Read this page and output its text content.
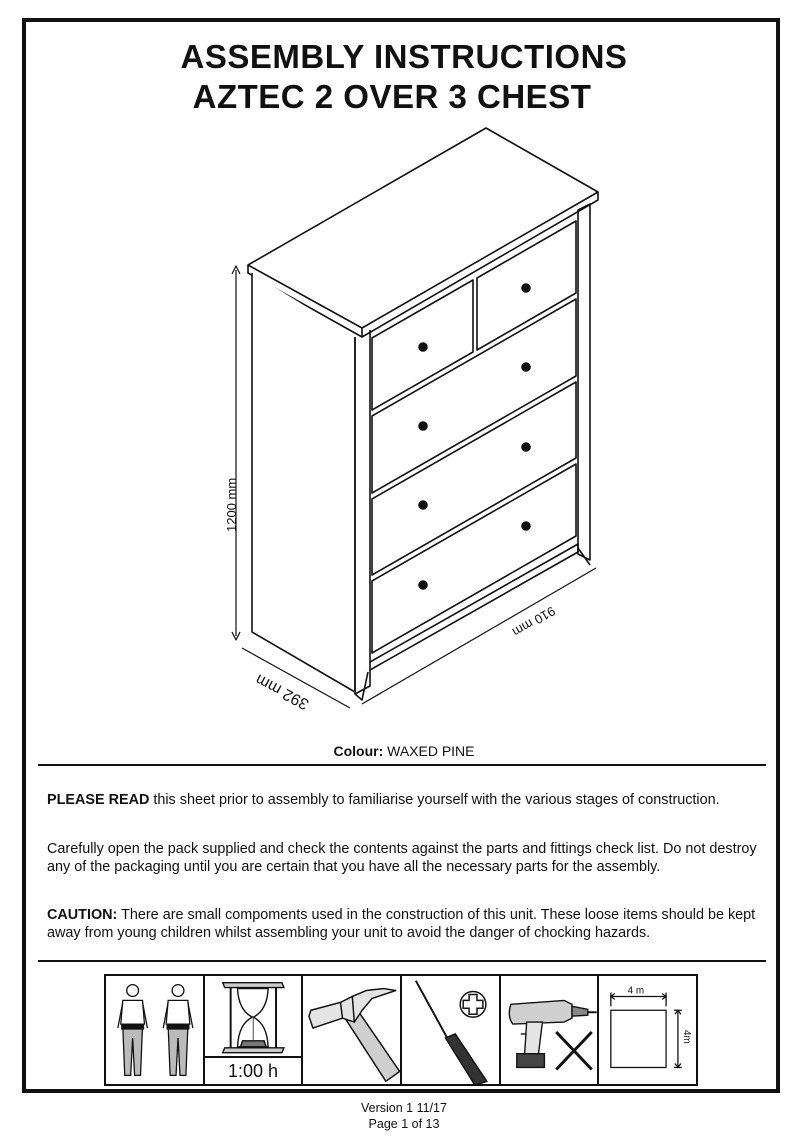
ASSEMBLY INSTRUCTIONS
AZTEC 2 OVER 3 CHEST
1200 mm
910 mm
392 mm
Colour: WAXED PINE
PLEASE READ this sheet prior to assembly to familiarise yourself with the various stages of construction.
Carefully open the pack supplied and check the contents against the parts and fittings check list. Do not destroy any of the packaging until you are certain that you have all the necessary parts for the assembly.
CAUTION: There are small compoments used in the construction of this unit. These loose items should be kept away from young children whilst assembling your unit to avoid the danger of chocking hazards.
1:00 h
4 m
4m
Version 1 11/17
Page 1 of 13
